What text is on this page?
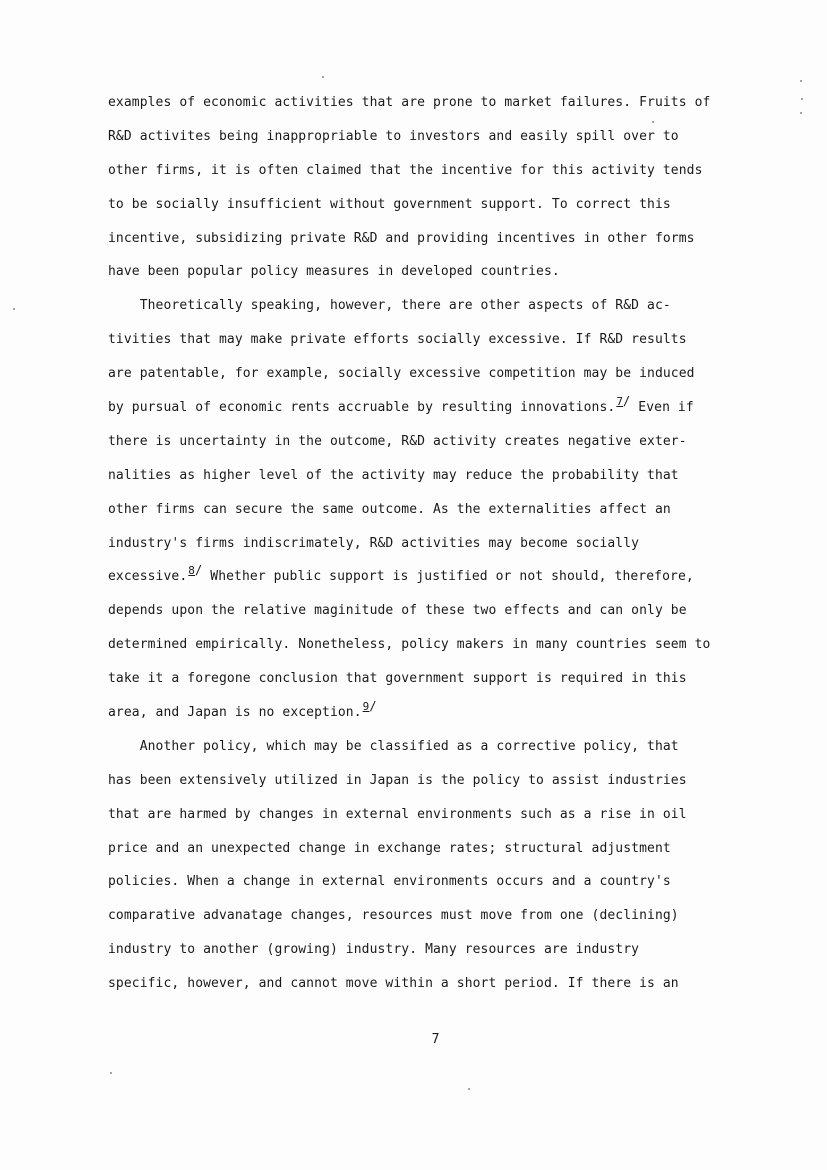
examples of economic activities that are prone to market failures. Fruits of
R&D activites being inappropriable to investors and easily spill over to
other firms, it is often claimed that the incentive for this activity tends
to be socially insufficient without government support. To correct this
incentive, subsidizing private R&D and providing incentives in other forms
have been popular policy measures in developed countries.
Theoretically speaking, however, there are other aspects of R&D ac-
tivities that may make private efforts socially excessive. If R&D results
are patentable, for example, socially excessive competition may be induced
by pursual of economic rents accruable by resulting innovations.$^7$/ Even if
there is uncertainty in the outcome, R&D activity creates negative exter-
nalities as higher level of the activity may reduce the probability that
other firms can secure the same outcome. As the externalities affect an
industry's firms indiscrimately, R&D activities may become socially
excessive.$^8$/ Whether public support is justified or not should, therefore,
depends upon the relative maginitude of these two effects and can only be
determined empirically. Nonetheless, policy makers in many countries seem to
take it a foregone conclusion that government support is required in this
area, and Japan is no exception.$^9$/
Another policy, which may be classified as a corrective policy, that
has been extensively utilized in Japan is the policy to assist industries
that are harmed by changes in external environments such as a rise in oil
price and an unexpected change in exchange rates; structural adjustment
policies. When a change in external environments occurs and a country's
comparative advanatage changes, resources must move from one (declining)
industry to another (growing) industry. Many resources are industry
specific, however, and cannot move within a short period. If there is an
7
